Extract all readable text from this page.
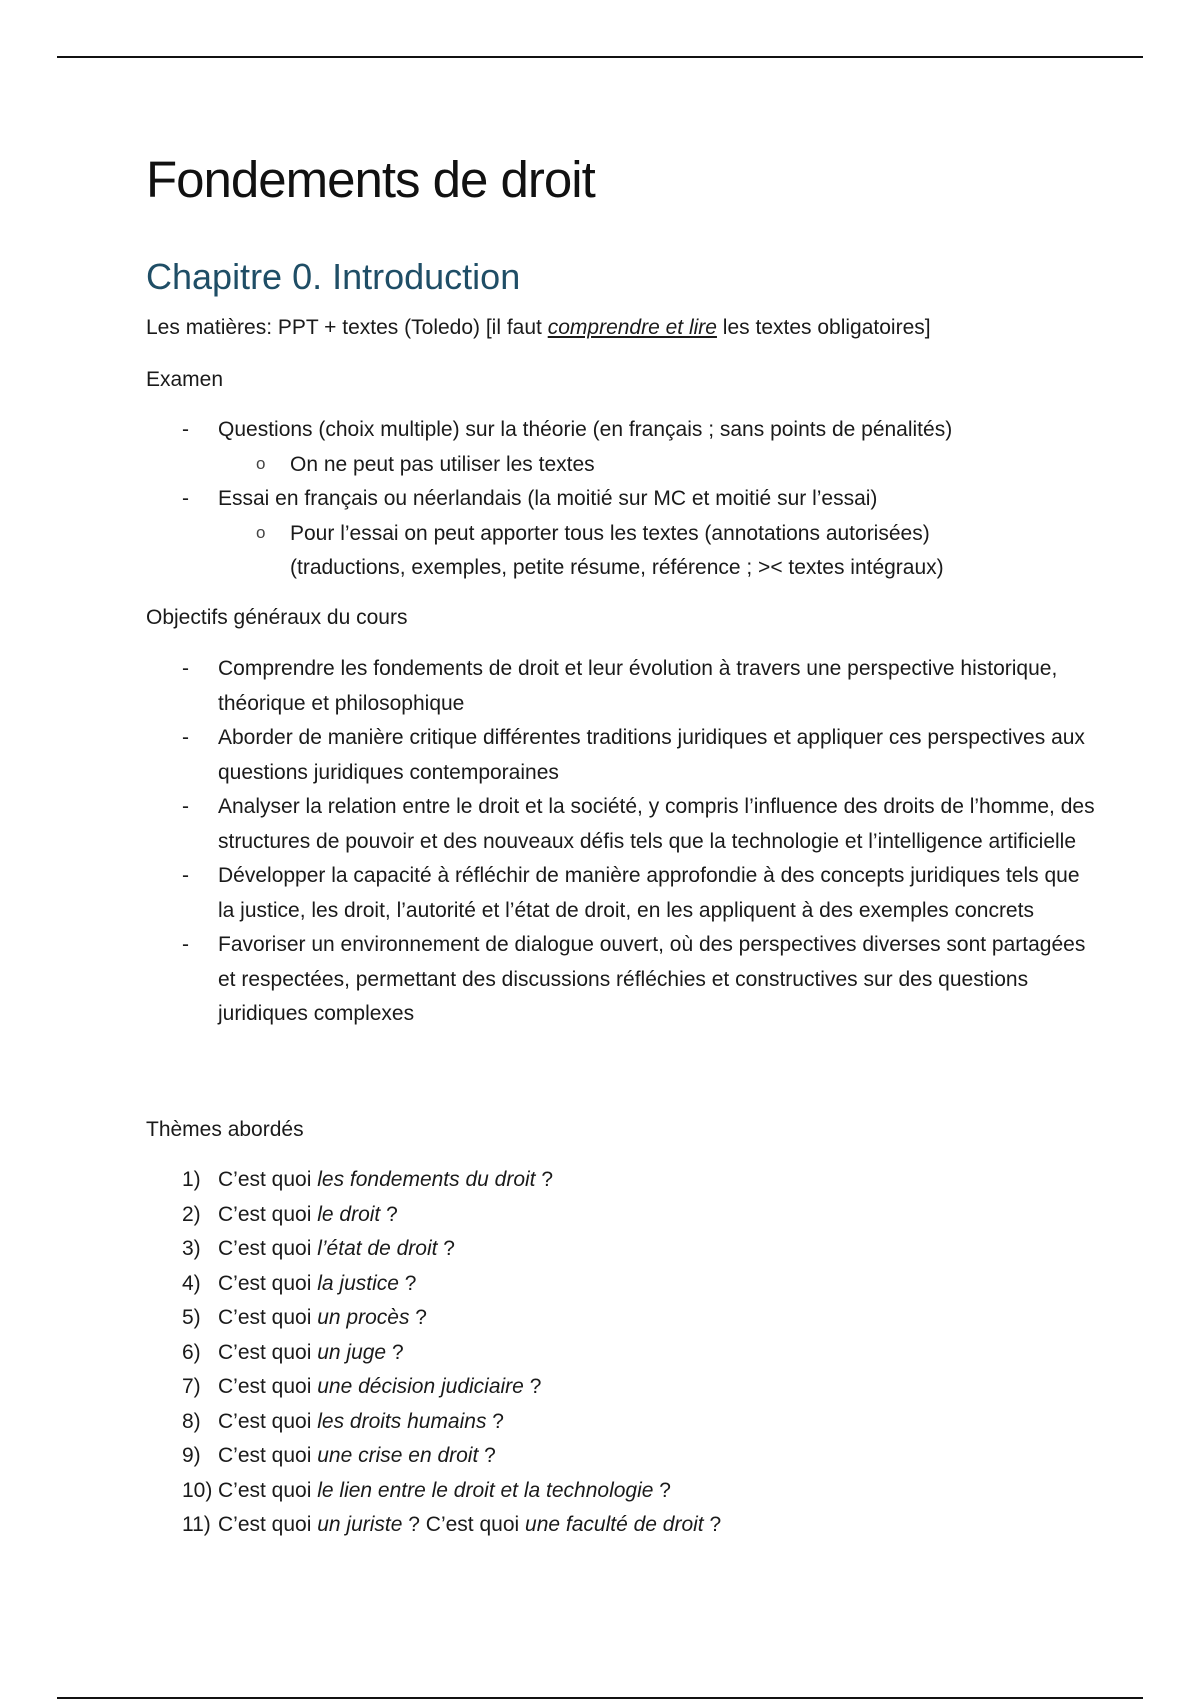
Fondements de droit
Chapitre 0. Introduction

Les matières: PPT + textes (Toledo) [il faut comprendre et lire les textes obligatoires]

Examen

- Questions (choix multiple) sur la théorie (en français ; sans points de pénalités)
o On ne peut pas utiliser les textes
- Essai en français ou néerlandais (la moitié sur MC et moitié sur l’essai)
o Pour l’essai on peut apporter tous les textes (annotations autorisées) (traductions, exemples, petite résume, référence ; >< textes intégraux)

Objectifs généraux du cours

- Comprendre les fondements de droit et leur évolution à travers une perspective historique, théorique et philosophique
- Aborder de manière critique différentes traditions juridiques et appliquer ces perspectives aux questions juridiques contemporaines
- Analyser la relation entre le droit et la société, y compris l’influence des droits de l’homme, des structures de pouvoir et des nouveaux défis tels que la technologie et l’intelligence artificielle
- Développer la capacité à réfléchir de manière approfondie à des concepts juridiques tels que la justice, les droit, l’autorité et l’état de droit, en les appliquent à des exemples concrets
- Favoriser un environnement de dialogue ouvert, où des perspectives diverses sont partagées et respectées, permettant des discussions réfléchies et constructives sur des questions juridiques complexes

Thèmes abordés

1) C’est quoi les fondements du droit ?
2) C’est quoi le droit ?
3) C’est quoi l’état de droit ?
4) C’est quoi la justice ?
5) C’est quoi un procès ?
6) C’est quoi un juge ?
7) C’est quoi une décision judiciaire ?
8) C’est quoi les droits humains ?
9) C’est quoi une crise en droit ?
10) C’est quoi le lien entre le droit et la technologie ?
11) C’est quoi un juriste ? C’est quoi une faculté de droit ?
